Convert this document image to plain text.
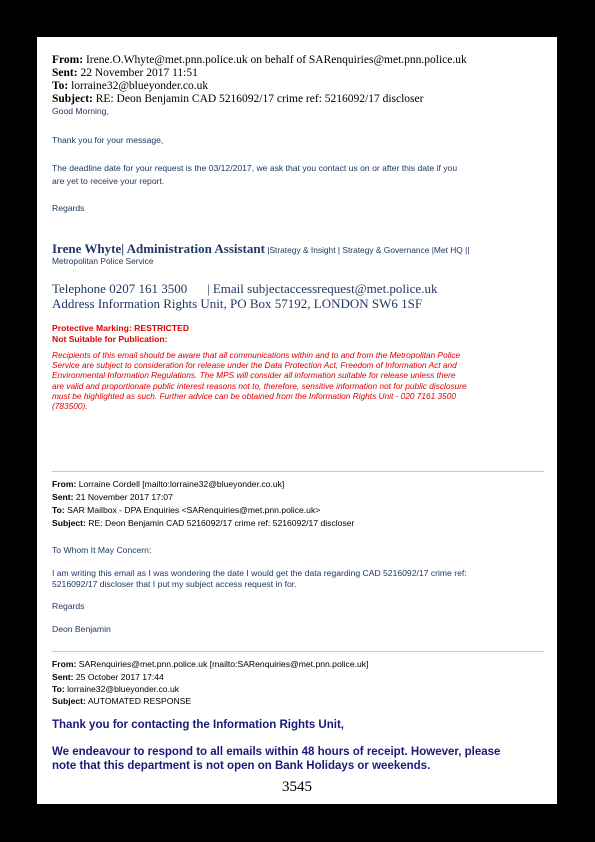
From: Irene.O.Whyte@met.pnn.police.uk on behalf of SARenquiries@met.pnn.police.uk
Sent: 22 November 2017 11:51
To: lorraine32@blueyonder.co.uk
Subject: RE: Deon Benjamin CAD 5216092/17 crime ref: 5216092/17 discloser
Good Morning,
Thank you for your message,
The deadline date for your request is the 03/12/2017, we ask that you contact us on or after this date if you
are yet to receive your report.
Regards
Irene Whyte| Administration Assistant |Strategy & Insight | Strategy & Governance |Met HQ ||
Metropolitan Police Service
Telephone 0207 161 3500 | Email subjectaccessrequest@met.police.uk
Address Information Rights Unit, PO Box 57192, LONDON SW6 1SF
Protective Marking: RESTRICTED
Not Suitable for Publication:
Recipients of this email should be aware that all communications within and to and from the Metropolitan Police
Service are subject to consideration for release under the Data Protection Act, Freedom of Information Act and
Environmental Information Regulations. The MPS will consider all information suitable for release unless there
are valid and proportionate public interest reasons not to, therefore, sensitive information not for public disclosure
must be highlighted as such. Further advice can be obtained from the Information Rights Unit - 020 7161 3500
(783500).
From: Lorraine Cordell [mailto:lorraine32@blueyonder.co.uk]
Sent: 21 November 2017 17:07
To: SAR Mailbox - DPA Enquiries <SARenquiries@met.pnn.police.uk>
Subject: RE: Deon Benjamin CAD 5216092/17 crime ref: 5216092/17 discloser
To Whom It May Concern:
I am writing this email as I was wondering the date I would get the data regarding CAD 5216092/17 crime ref:
5216092/17 discloser that I put my subject access request in for.
Regards
Deon Benjamin
From: SARenquiries@met.pnn.police.uk [mailto:SARenquiries@met.pnn.police.uk]
Sent: 25 October 2017 17:44
To: lorraine32@blueyonder.co.uk
Subject: AUTOMATED RESPONSE
Thank you for contacting the Information Rights Unit,
We endeavour to respond to all emails within 48 hours of receipt. However, please
note that this department is not open on Bank Holidays or weekends.
3545
